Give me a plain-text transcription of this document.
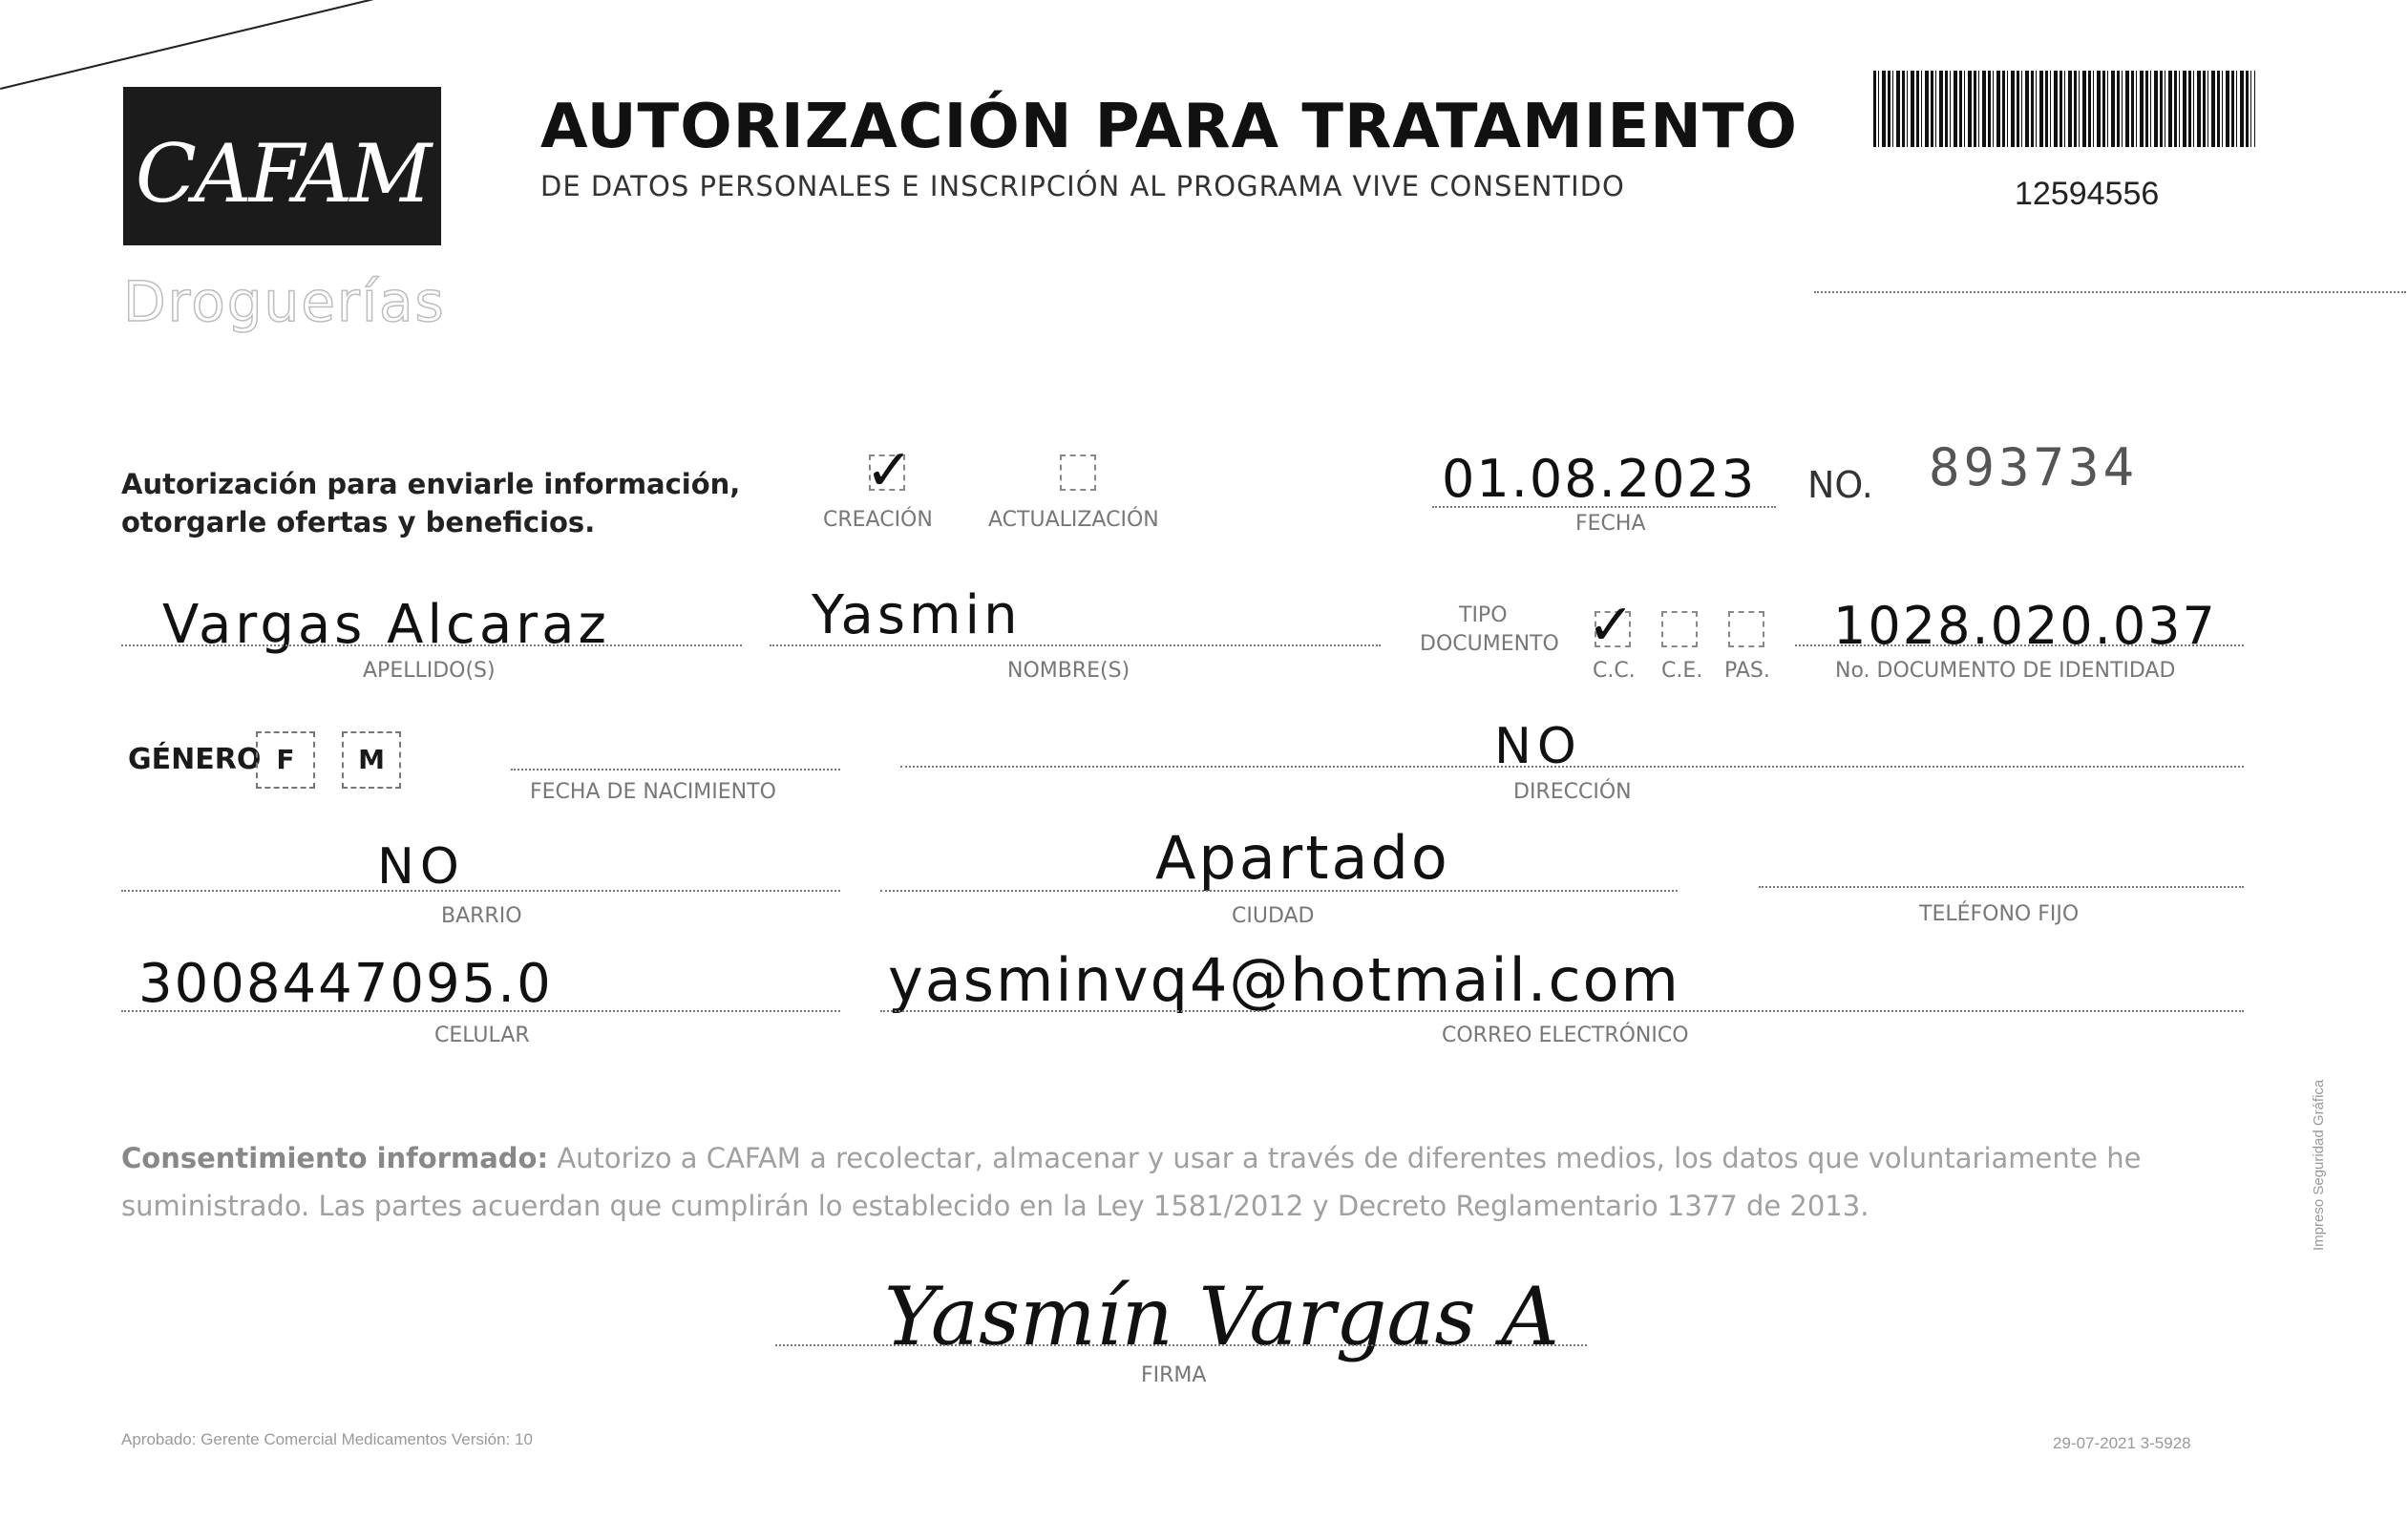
CAFAM
Droguerías
AUTORIZACIÓN PARA TRATAMIENTO
DE DATOS PERSONALES E INSCRIPCIÓN AL PROGRAMA VIVE CONSENTIDO	12594556
Autorización para enviarle información,
otorgarle ofertas y beneficios.
✓
CREACIÓN	ACTUALIZACIÓN
01.08.2023
FECHA
NO. 893734
Vargas Alcaraz
APELLIDO(S)
Yasmin
NOMBRE(S)
TIPO
DOCUMENTO ✓
C.C. C.E. PAS.
1028.020.037
No. DOCUMENTO DE IDENTIDAD
GÉNERO F	M
FECHA DE NACIMIENTO
NO
DIRECCIÓN
NO
BARRIO
Apartado
CIUDAD	TELÉFONO FIJO
3008447095.0
CELULAR
yasminvq4@hotmail.com
CORREO ELECTRÓNICO
Consentimiento informado: Autorizo a CAFAM a recolectar, almacenar y usar a través de diferentes medios, los datos que voluntariamente he suministrado. Las partes acuerdan que cumplirán lo establecido en la Ley 1581/2012 y Decreto Reglamentario 1377 de 2013.
Yasmín Vargas A
FIRMA
Aprobado: Gerente Comercial Medicamentos Versión: 10	29-07-2021 3-5928
Impreso Seguridad Gráfica
